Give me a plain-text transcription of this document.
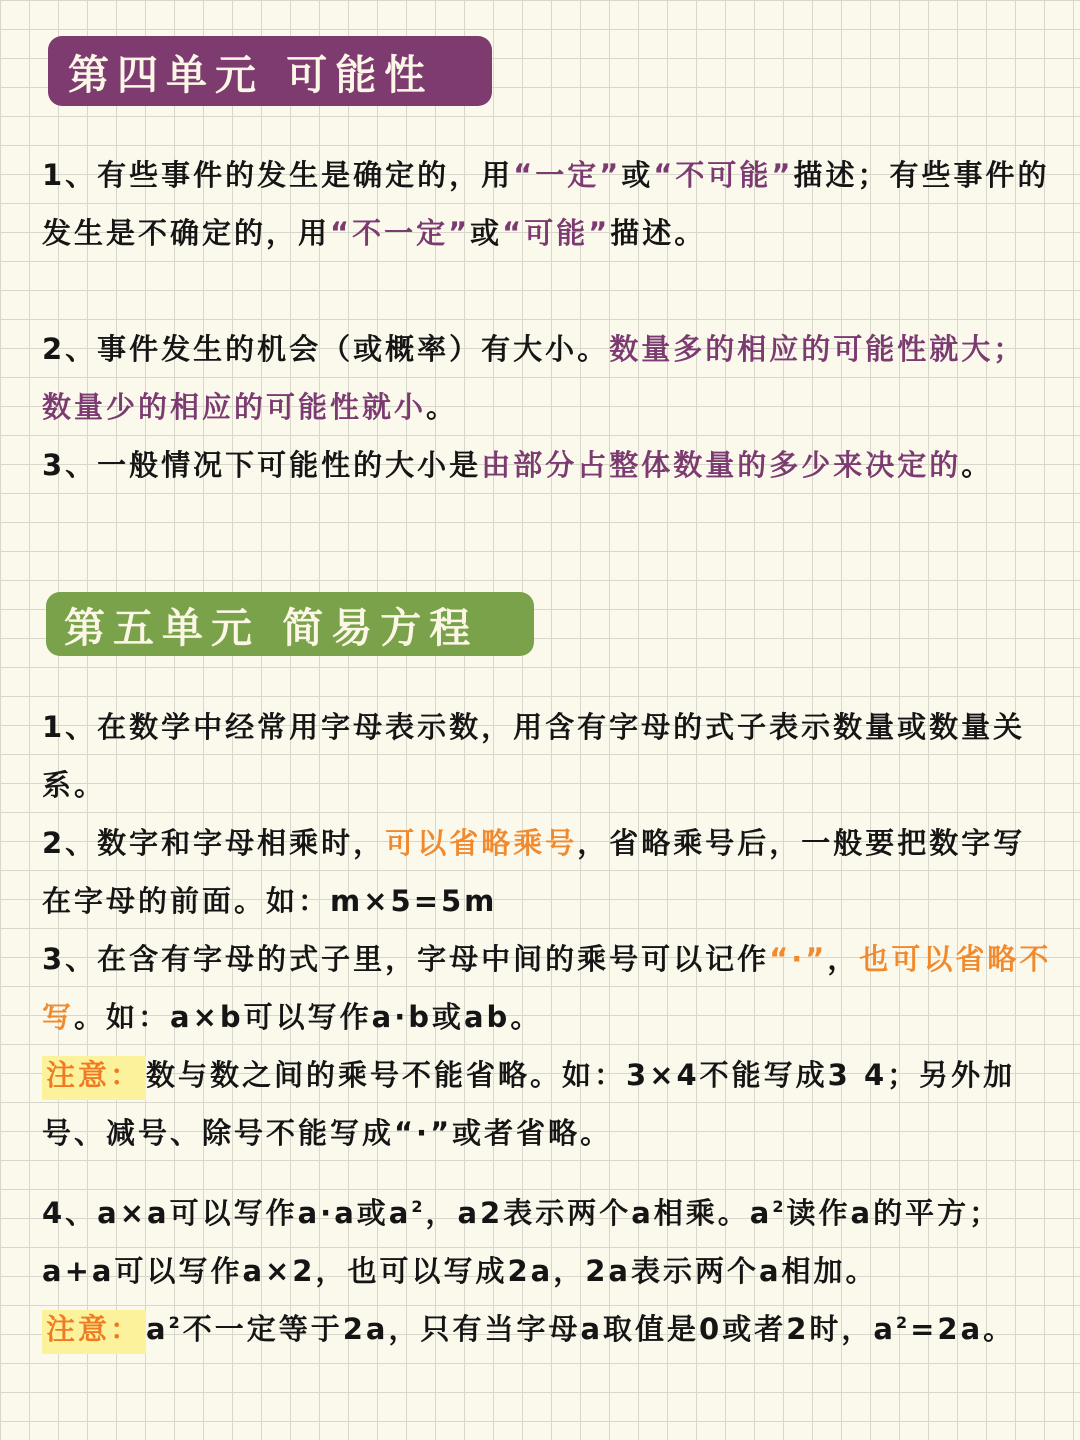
第四单元 可能性

1、有些事件的发生是确定的，用“一定”或“不可能”描述；有些事件的发生是不确定的，用“不一定”或“可能”描述。

2、事件发生的机会（或概率）有大小。数量多的相应的可能性就大；数量少的相应的可能性就小。

3、一般情况下可能性的大小是由部分占整体数量的多少来决定的。

第五单元 简易方程

1、在数学中经常用字母表示数，用含有字母的式子表示数量或数量关系。

2、数字和字母相乘时，可以省略乘号，省略乘号后，一般要把数字写在字母的前面。如：m×5=5m

3、在含有字母的式子里，字母中间的乘号可以记作“·”，也可以省略不写。如：a×b可以写作a·b或ab。

注意： 数与数之间的乘号不能省略。如：3×4不能写成3 4；另外加号、减号、除号不能写成“·”或者省略。

4、a×a可以写作a·a或$a^2$，a2表示两个a相乘。$a^2$读作a的平方；a+a可以写作a×2，也可以写成2a，2a表示两个a相加。

注意： $a^2$不一定等于2a，只有当字母a取值是0或者2时，$a^2=2a$。
